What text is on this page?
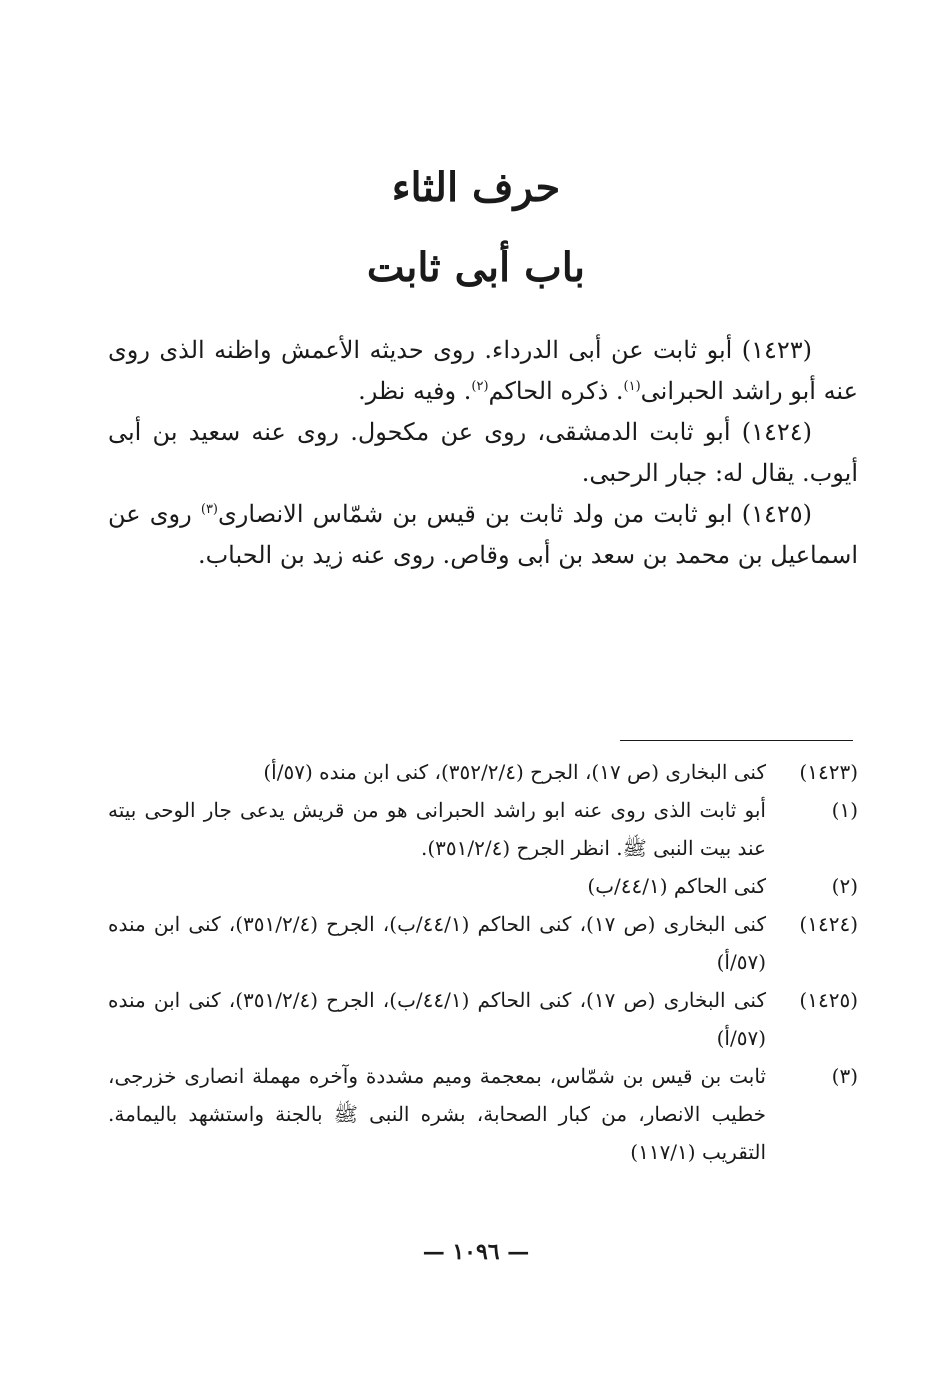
حرف الثاء
باب أبى ثابت

(١٤٢٣) أبو ثابت عن أبى الدرداء. روى حديثه الأعمش واظنه الذى روى عنه أبو راشد الحبرانى$^{(١)}$. ذكره الحاكم$^{(٢)}$. وفيه نظر.

(١٤٢٤) أبو ثابت الدمشقى، روى عن مكحول. روى عنه سعيد بن أبى أيوب. يقال له: جبار الرحبى.

(١٤٢٥) ابو ثابت من ولد ثابت بن قيس بن شمّاس الانصارى$^{(٣)}$ روى عن اسماعيل بن محمد بن سعد بن أبى وقاص. روى عنه زيد بن الحباب.

(١٤٢٣)
كنى البخارى (ص ١٧)، الجرح (٣٥٢/٢/٤)، كنى ابن منده (٥٧/أ)
(١)
أبو ثابت الذى روى عنه ابو راشد الحبرانى هو من قريش يدعى جار الوحى بيته عند بيت النبى ﷺ. انظر الجرح (٣٥١/٢/٤).
(٢)
كنى الحاكم (٤٤/١/ب)
(١٤٢٤)
كنى البخارى (ص ١٧)، كنى الحاكم (٤٤/١/ب)، الجرح (٣٥١/٢/٤)، كنى ابن منده (٥٧/أ)
(١٤٢٥)
كنى البخارى (ص ١٧)، كنى الحاكم (٤٤/١/ب)، الجرح (٣٥١/٢/٤)، كنى ابن منده (٥٧/أ)
(٣)
ثابت بن قيس بن شمّاس، بمعجمة وميم مشددة وآخره مهملة انصارى خزرجى، خطيب الانصار، من كبار الصحابة، بشره النبى ﷺ بالجنة واستشهد باليمامة. التقريب (١١٧/١)
— ١٠٩٦ —
